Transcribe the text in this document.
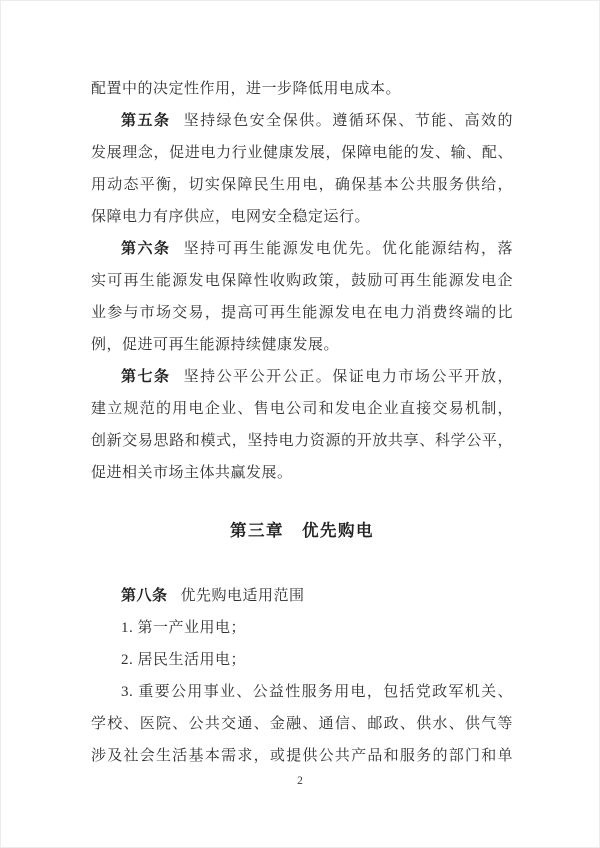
配置中的决定性作用，进一步降低用电成本。
第五条 坚持绿色安全保供。遵循环保、节能、高效的
发展理念，促进电力行业健康发展，保障电能的发、输、配、
用动态平衡，切实保障民生用电，确保基本公共服务供给，
保障电力有序供应，电网安全稳定运行。
第六条 坚持可再生能源发电优先。优化能源结构，落
实可再生能源发电保障性收购政策，鼓励可再生能源发电企
业参与市场交易，提高可再生能源发电在电力消费终端的比
例，促进可再生能源持续健康发展。
第七条 坚持公平公开公正。保证电力市场公平开放，
建立规范的用电企业、售电公司和发电企业直接交易机制，
创新交易思路和模式，坚持电力资源的开放共享、科学公平，
促进相关市场主体共赢发展。
第三章　优先购电
第八条 优先购电适用范围
1. 第一产业用电；
2. 居民生活用电；
3. 重要公用事业、公益性服务用电，包括党政军机关、
学校、医院、公共交通、金融、通信、邮政、供水、供气等
涉及社会生活基本需求，或提供公共产品和服务的部门和单
2
